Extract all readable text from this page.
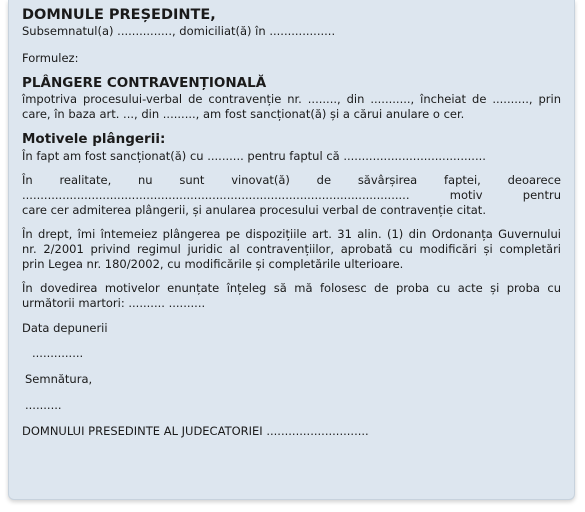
DOMNULE PREȘEDINTE,

Subsemnatul(a) ..............., domiciliat(ă) în ..................

Formulez:

PLÂNGERE CONTRAVENȚIONALĂ
împotriva procesului-verbal de contravenție nr. ........, din ..........., încheiat de .........., prin
care, în baza art. ..., din ........., am fost sancționat(ă) și a cărui anulare o cer.
Motivele plângerii:

În fapt am fost sancționat(ă) cu .......... pentru faptul că .......................................

În realitate, nu sunt vinovat(ă) de săvârșirea faptei, deoarece
.......................................................................................................... motiv pentru
care cer admiterea plângerii, și anularea procesului verbal de contravenție citat.
În drept, îmi întemeiez plângerea pe dispozițiile art. 31 alin. (1) din Ordonanța Guvernului
nr. 2/2001 privind regimul juridic al contravențiilor, aprobată cu modificări și completări
prin Legea nr. 180/2002, cu modificările și completările ulterioare.
În dovedirea motivelor enunțate înțeleg să mă folosesc de proba cu acte și proba cu
următorii martori: .......... ..........

Data depunerii

..............

Semnătura,

..........

DOMNULUI PRESEDINTE AL JUDECATORIEI ............................
